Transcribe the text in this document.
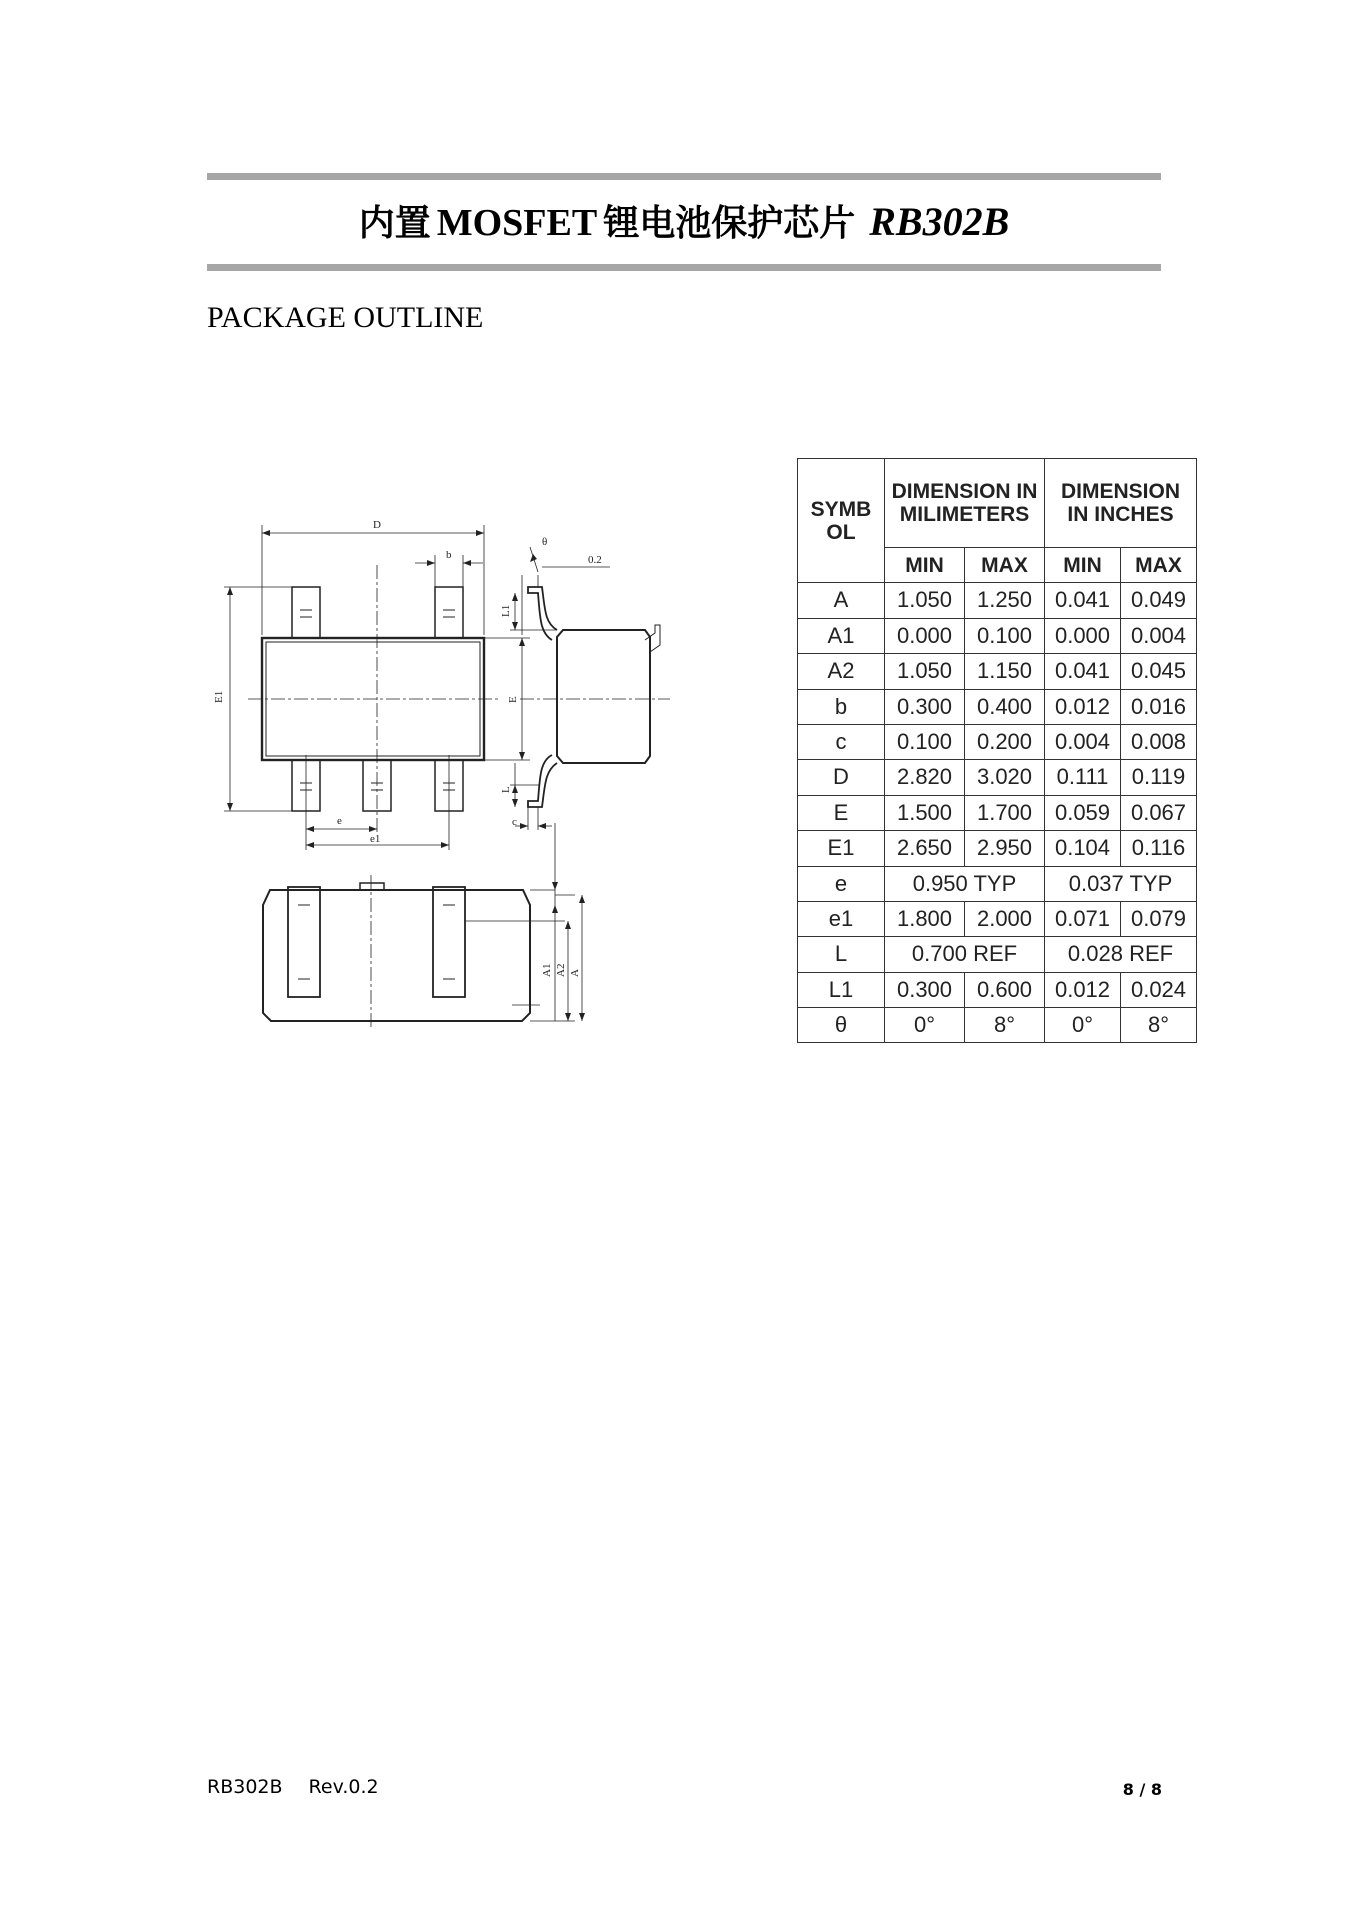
内置 MOSFET 锂电池保护芯片 RB302B
PACKAGE OUTLINE
D
b
E1	E
e
e1
θ
0.2
L1
L
c
A1 A2 A
SYMBOL	DIMENSION IN MILIMETERS		DIMENSION IN INCHES	
	MIN	MAX	MIN	MAX
A	1.050	1.250	0.041	0.049
A1	0.000	0.100	0.000	0.004
A2	1.050	1.150	0.041	0.045
b	0.300	0.400	0.012	0.016
c	0.100	0.200	0.004	0.008
D	2.820	3.020	0.111	0.119
E	1.500	1.700	0.059	0.067
E1	2.650	2.950	0.104	0.116
e	0.950 TYP		0.037 TYP	
e1	1.800	2.000	0.071	0.079
L	0.700 REF		0.028 REF	
L1	0.300	0.600	0.012	0.024
θ	0°	8°	0°	8°
RB302B Rev.0.2	8 / 8
